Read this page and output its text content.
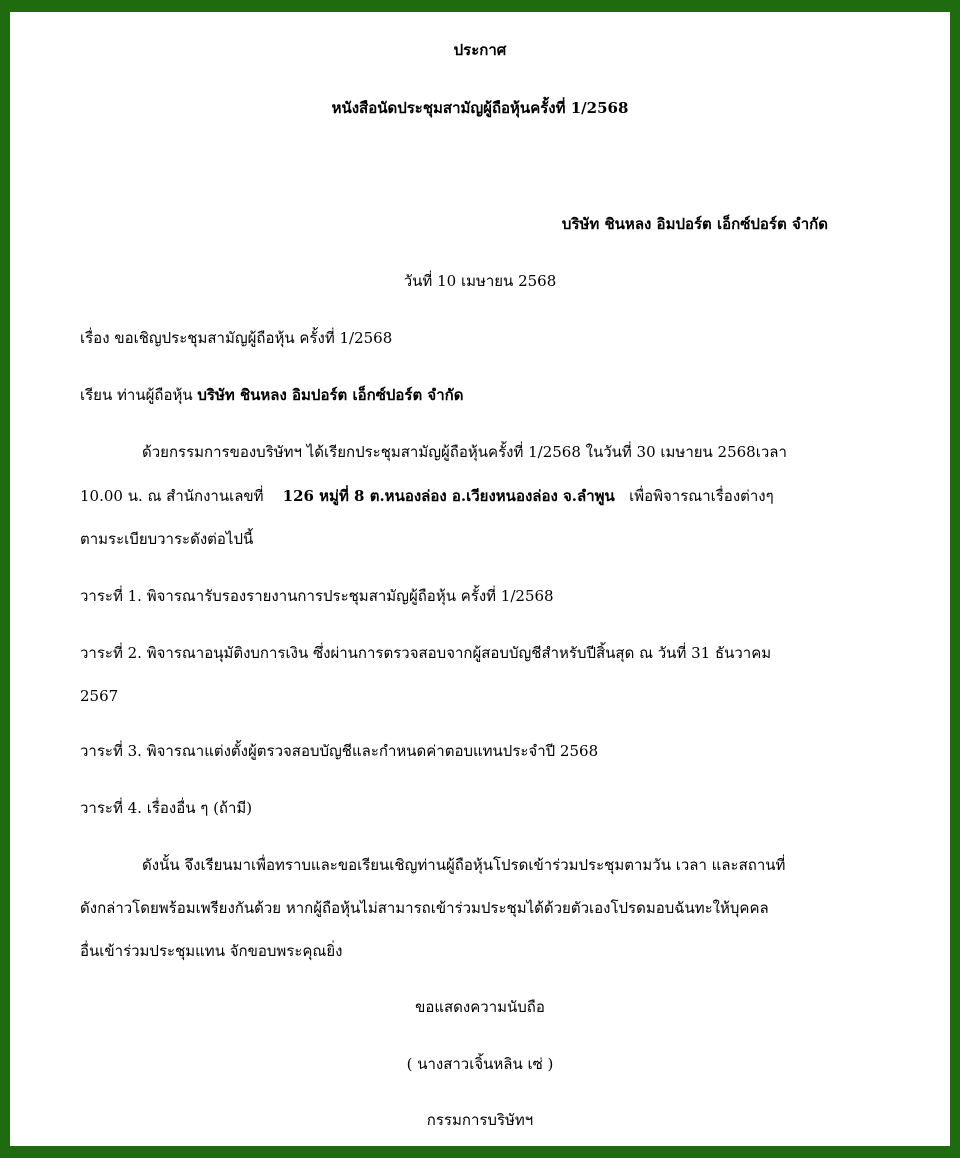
ประกาศ
หนังสือนัดประชุมสามัญผู้ถือหุ้นครั้งที่ 1/2568
บริษัท ชินหลง อิมปอร์ต เอ็กซ์ปอร์ต จำกัด
วันที่ 10 เมษายน 2568
เรื่อง ขอเชิญประชุมสามัญผู้ถือหุ้น ครั้งที่ 1/2568
เรียน ท่านผู้ถือหุ้น บริษัท ชินหลง อิมปอร์ต เอ็กซ์ปอร์ต จำกัด
ด้วยกรรมการของบริษัทฯ ได้เรียกประชุมสามัญผู้ถือหุ้นครั้งที่ 1/2568 ในวันที่ 30 เมษายน 2568เวลา
10.00 น. ณ สำนักงานเลขที่ 126 หมู่ที่ 8 ต.หนองล่อง อ.เวียงหนองล่อง จ.ลำพูน เพื่อพิจารณาเรื่องต่างๆ
ตามระเบียบวาระดังต่อไปนี้
วาระที่ 1. พิจารณารับรองรายงานการประชุมสามัญผู้ถือหุ้น ครั้งที่ 1/2568
วาระที่ 2. พิจารณาอนุมัติงบการเงิน ซึ่งผ่านการตรวจสอบจากผู้สอบบัญชีสำหรับปีสิ้นสุด ณ วันที่ 31 ธันวาคม
2567
วาระที่ 3. พิจารณาแต่งตั้งผู้ตรวจสอบบัญชีและกำหนดค่าตอบแทนประจำปี 2568
วาระที่ 4. เรื่องอื่น ๆ (ถ้ามี)
ดังนั้น จึงเรียนมาเพื่อทราบและขอเรียนเชิญท่านผู้ถือหุ้นโปรดเข้าร่วมประชุมตามวัน เวลา และสถานที่
ดังกล่าวโดยพร้อมเพรียงกันด้วย หากผู้ถือหุ้นไม่สามารถเข้าร่วมประชุมได้ด้วยตัวเองโปรดมอบฉันทะให้บุคคล
อื่นเข้าร่วมประชุมแทน จักขอบพระคุณยิ่ง
ขอแสดงความนับถือ
( นางสาวเจิ้นหลิน เซ่ )
กรรมการบริษัทฯ
